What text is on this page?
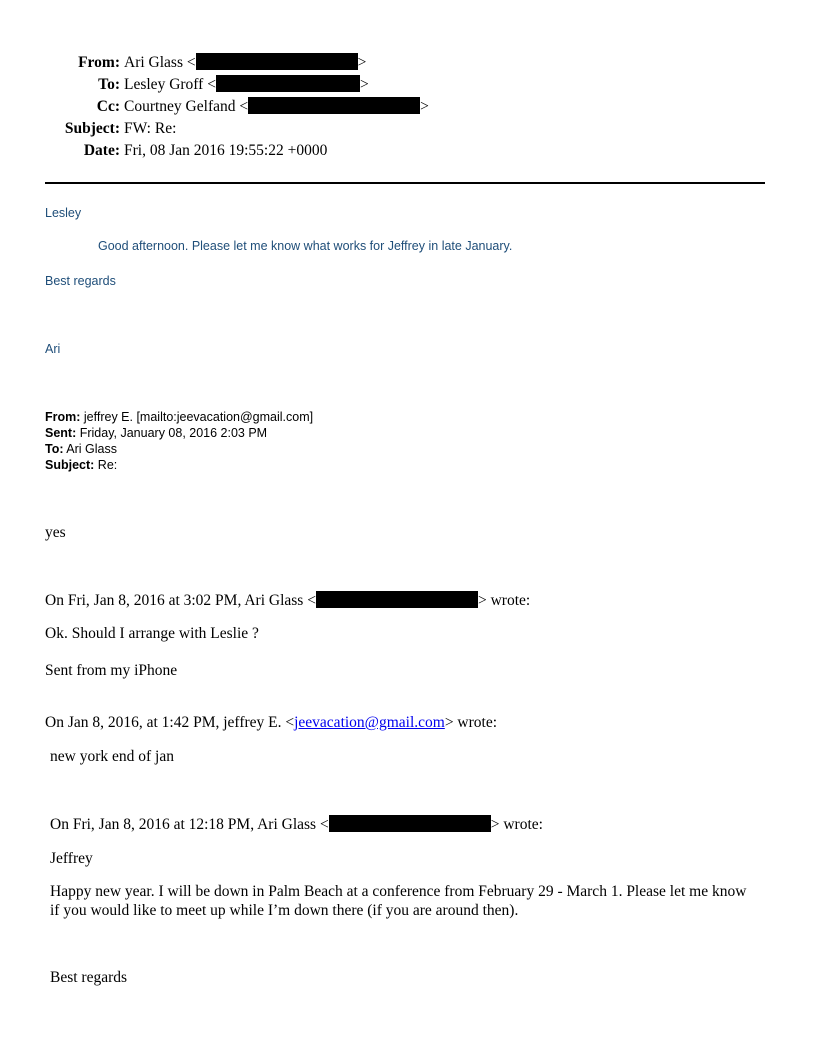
From: Ari Glass <	>
To: Lesley Groff <	>
Cc: Courtney Gelfand <	>
Subject: FW: Re:
Date: Fri, 08 Jan 2016 19:55:22 +0000
Lesley
Good afternoon. Please let me know what works for Jeffrey in late January.
Best regards
Ari
From: jeffrey E. [mailto:jeevacation@gmail.com]
Sent: Friday, January 08, 2016 2:03 PM
To: Ari Glass
Subject: Re:
yes
On Fri, Jan 8, 2016 at 3:02 PM, Ari Glass <	> wrote:
Ok. Should I arrange with Leslie ?
Sent from my iPhone
On Jan 8, 2016, at 1:42 PM, jeffrey E. <jeevacation@gmail.com> wrote:
new york end of jan
On Fri, Jan 8, 2016 at 12:18 PM, Ari Glass <	> wrote:
Jeffrey
Happy new year. I will be down in Palm Beach at a conference from February 29 - March 1. Please let me know if you would like to meet up while I’m down there (if you are around then).
Best regards
